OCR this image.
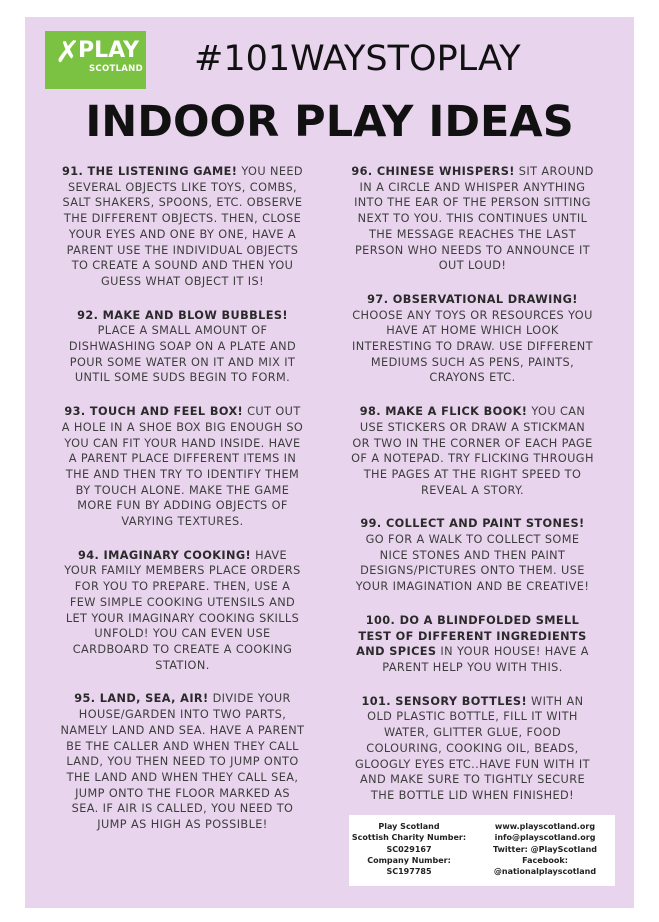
✗
PLAY
SCOTLAND #101WAYSTOPLAY
INDOOR PLAY IDEAS

91. THE LISTENING GAME! YOU NEED SEVERAL OBJECTS LIKE TOYS, COMBS, SALT SHAKERS, SPOONS, ETC. OBSERVE THE DIFFERENT OBJECTS. THEN, CLOSE YOUR EYES AND ONE BY ONE, HAVE A PARENT USE THE INDIVIDUAL OBJECTS TO CREATE A SOUND AND THEN YOU GUESS WHAT OBJECT IT IS!

92. MAKE AND BLOW BUBBLES! PLACE A SMALL AMOUNT OF DISHWASHING SOAP ON A PLATE AND POUR SOME WATER ON IT AND MIX IT UNTIL SOME SUDS BEGIN TO FORM.

93. TOUCH AND FEEL BOX! CUT OUT A HOLE IN A SHOE BOX BIG ENOUGH SO YOU CAN FIT YOUR HAND INSIDE. HAVE A PARENT PLACE DIFFERENT ITEMS IN THE AND THEN TRY TO IDENTIFY THEM BY TOUCH ALONE. MAKE THE GAME MORE FUN BY ADDING OBJECTS OF VARYING TEXTURES.

94. IMAGINARY COOKING! HAVE YOUR FAMILY MEMBERS PLACE ORDERS FOR YOU TO PREPARE. THEN, USE A FEW SIMPLE COOKING UTENSILS AND LET YOUR IMAGINARY COOKING SKILLS UNFOLD! YOU CAN EVEN USE CARDBOARD TO CREATE A COOKING STATION.

95. LAND, SEA, AIR! DIVIDE YOUR HOUSE/GARDEN INTO TWO PARTS, NAMELY LAND AND SEA. HAVE A PARENT BE THE CALLER AND WHEN THEY CALL LAND, YOU THEN NEED TO JUMP ONTO THE LAND AND WHEN THEY CALL SEA, JUMP ONTO THE FLOOR MARKED AS SEA. IF AIR IS CALLED, YOU NEED TO JUMP AS HIGH AS POSSIBLE!

96. CHINESE WHISPERS! SIT AROUND IN A CIRCLE AND WHISPER ANYTHING INTO THE EAR OF THE PERSON SITTING NEXT TO YOU. THIS CONTINUES UNTIL THE MESSAGE REACHES THE LAST PERSON WHO NEEDS TO ANNOUNCE IT OUT LOUD!

97. OBSERVATIONAL DRAWING! CHOOSE ANY TOYS OR RESOURCES YOU HAVE AT HOME WHICH LOOK INTERESTING TO DRAW. USE DIFFERENT MEDIUMS SUCH AS PENS, PAINTS, CRAYONS ETC.

98. MAKE A FLICK BOOK! YOU CAN USE STICKERS OR DRAW A STICKMAN OR TWO IN THE CORNER OF EACH PAGE OF A NOTEPAD. TRY FLICKING THROUGH THE PAGES AT THE RIGHT SPEED TO REVEAL A STORY.

99. COLLECT AND PAINT STONES! GO FOR A WALK TO COLLECT SOME NICE STONES AND THEN PAINT DESIGNS/PICTURES ONTO THEM. USE YOUR IMAGINATION AND BE CREATIVE!

100. DO A BLINDFOLDED SMELL TEST OF DIFFERENT INGREDIENTS AND SPICES IN YOUR HOUSE! HAVE A PARENT HELP YOU WITH THIS.

101. SENSORY BOTTLES! WITH AN OLD PLASTIC BOTTLE, FILL IT WITH WATER, GLITTER GLUE, FOOD COLOURING, COOKING OIL, BEADS, GLOOGLY EYES ETC..HAVE FUN WITH IT AND MAKE SURE TO TIGHTLY SECURE THE BOTTLE LID WHEN FINISHED!

Play Scotland
Scottish Charity Number:
SC029167
Company Number:
SC197785
www.playscotland.org
info@playscotland.org
Twitter: @PlayScotland
Facebook:
@nationalplayscotland
